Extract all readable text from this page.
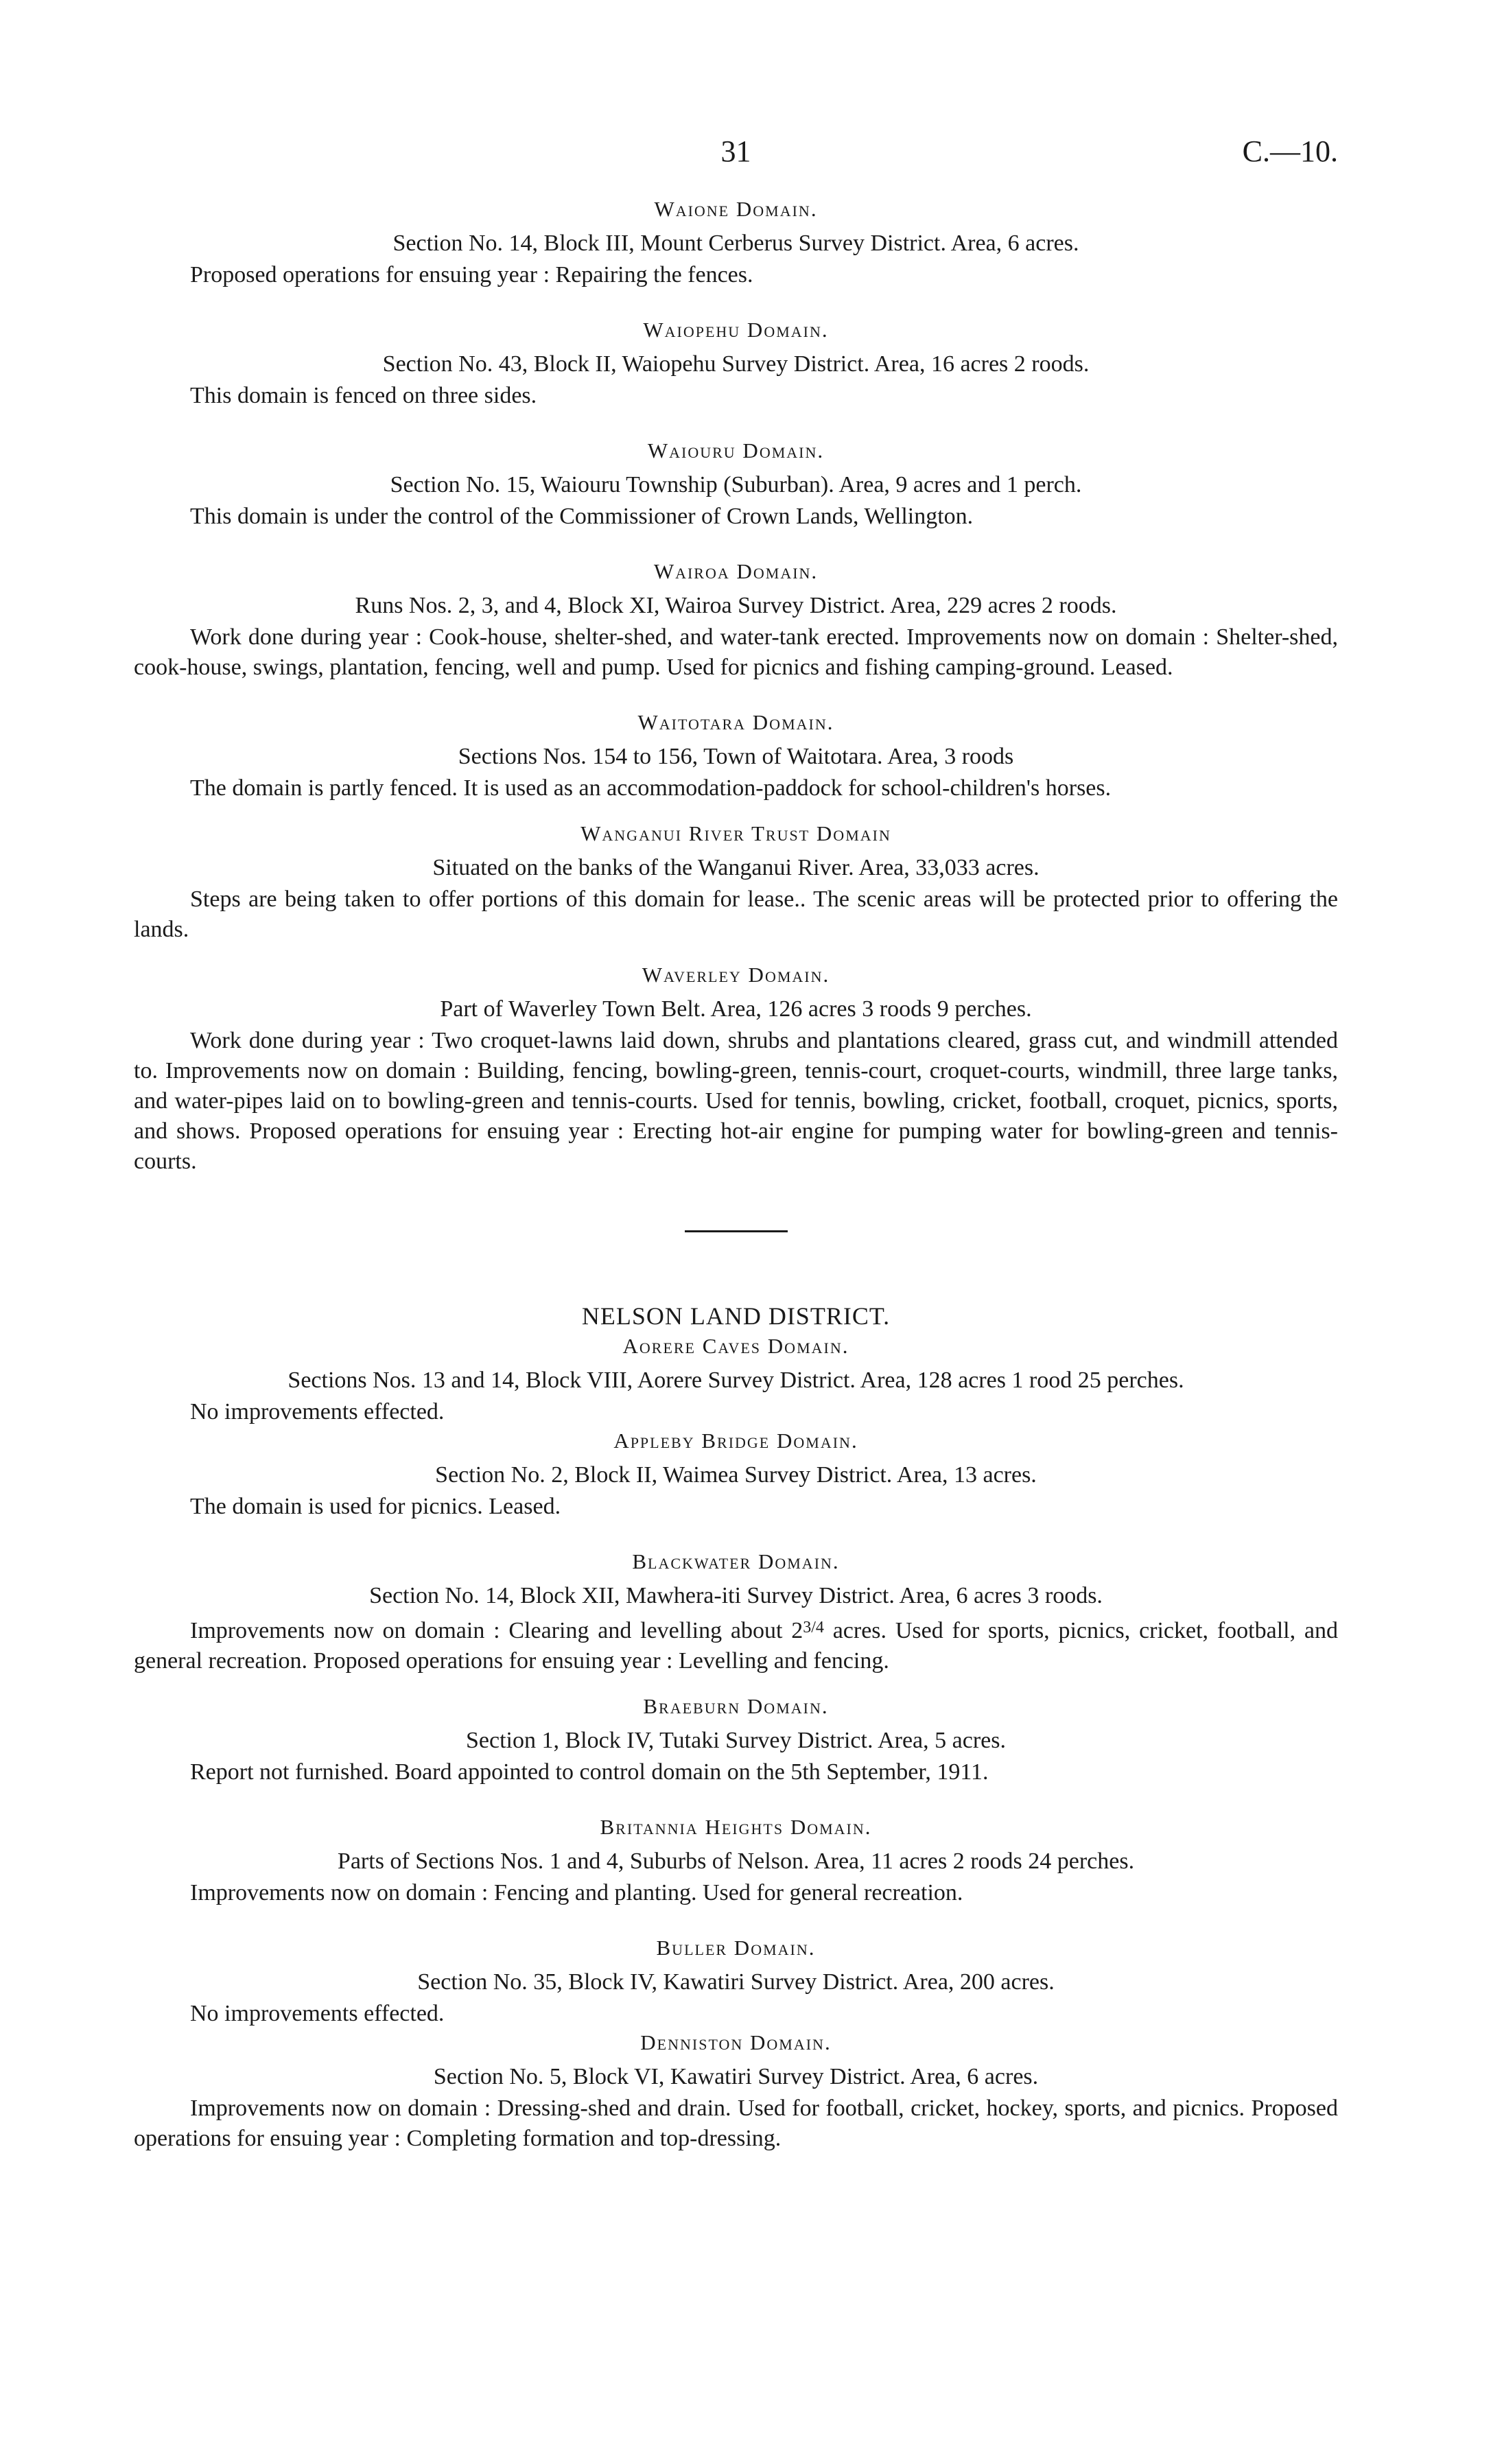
31	C.—10.

Waione Domain.

Section No. 14, Block III, Mount Cerberus Survey District. Area, 6 acres.

Proposed operations for ensuing year : Repairing the fences.

Waiopehu Domain.

Section No. 43, Block II, Waiopehu Survey District. Area, 16 acres 2 roods.

This domain is fenced on three sides.

Waiouru Domain.

Section No. 15, Waiouru Township (Suburban). Area, 9 acres and 1 perch.

This domain is under the control of the Commissioner of Crown Lands, Wellington.

Wairoa Domain.

Runs Nos. 2, 3, and 4, Block XI, Wairoa Survey District. Area, 229 acres 2 roods.

Work done during year : Cook-house, shelter-shed, and water-tank erected. Improvements now on domain : Shelter-shed, cook-house, swings, plantation, fencing, well and pump. Used for picnics and fishing camping-ground. Leased.

Waitotara Domain.

Sections Nos. 154 to 156, Town of Waitotara. Area, 3 roods

The domain is partly fenced. It is used as an accommodation-paddock for school-children's horses.

Wanganui River Trust Domain

Situated on the banks of the Wanganui River. Area, 33,033 acres.

Steps are being taken to offer portions of this domain for lease.. The scenic areas will be protected prior to offering the lands.

Waverley Domain.

Part of Waverley Town Belt. Area, 126 acres 3 roods 9 perches.

Work done during year : Two croquet-lawns laid down, shrubs and plantations cleared, grass cut, and windmill attended to. Improvements now on domain : Building, fencing, bowling-green, tennis-court, croquet-courts, windmill, three large tanks, and water-pipes laid on to bowling-green and tennis-courts. Used for tennis, bowling, cricket, football, croquet, picnics, sports, and shows. Proposed operations for ensuing year : Erecting hot-air engine for pumping water for bowling-green and tennis-courts.

NELSON LAND DISTRICT.

Aorere Caves Domain.

Sections Nos. 13 and 14, Block VIII, Aorere Survey District. Area, 128 acres 1 rood 25 perches.

No improvements effected.

Appleby Bridge Domain.

Section No. 2, Block II, Waimea Survey District. Area, 13 acres.

The domain is used for picnics. Leased.

Blackwater Domain.

Section No. 14, Block XII, Mawhera-iti Survey District. Area, 6 acres 3 roods.

Improvements now on domain : Clearing and levelling about $2^{3/4}$ acres. Used for sports, picnics, cricket, football, and general recreation. Proposed operations for ensuing year : Levelling and fencing.

Braeburn Domain.

Section 1, Block IV, Tutaki Survey District. Area, 5 acres.

Report not furnished. Board appointed to control domain on the 5th September, 1911.

Britannia Heights Domain.

Parts of Sections Nos. 1 and 4, Suburbs of Nelson. Area, 11 acres 2 roods 24 perches.

Improvements now on domain : Fencing and planting. Used for general recreation.

Buller Domain.

Section No. 35, Block IV, Kawatiri Survey District. Area, 200 acres.

No improvements effected.

Denniston Domain.

Section No. 5, Block VI, Kawatiri Survey District. Area, 6 acres.

Improvements now on domain : Dressing-shed and drain. Used for football, cricket, hockey, sports, and picnics. Proposed operations for ensuing year : Completing formation and top-dressing.
